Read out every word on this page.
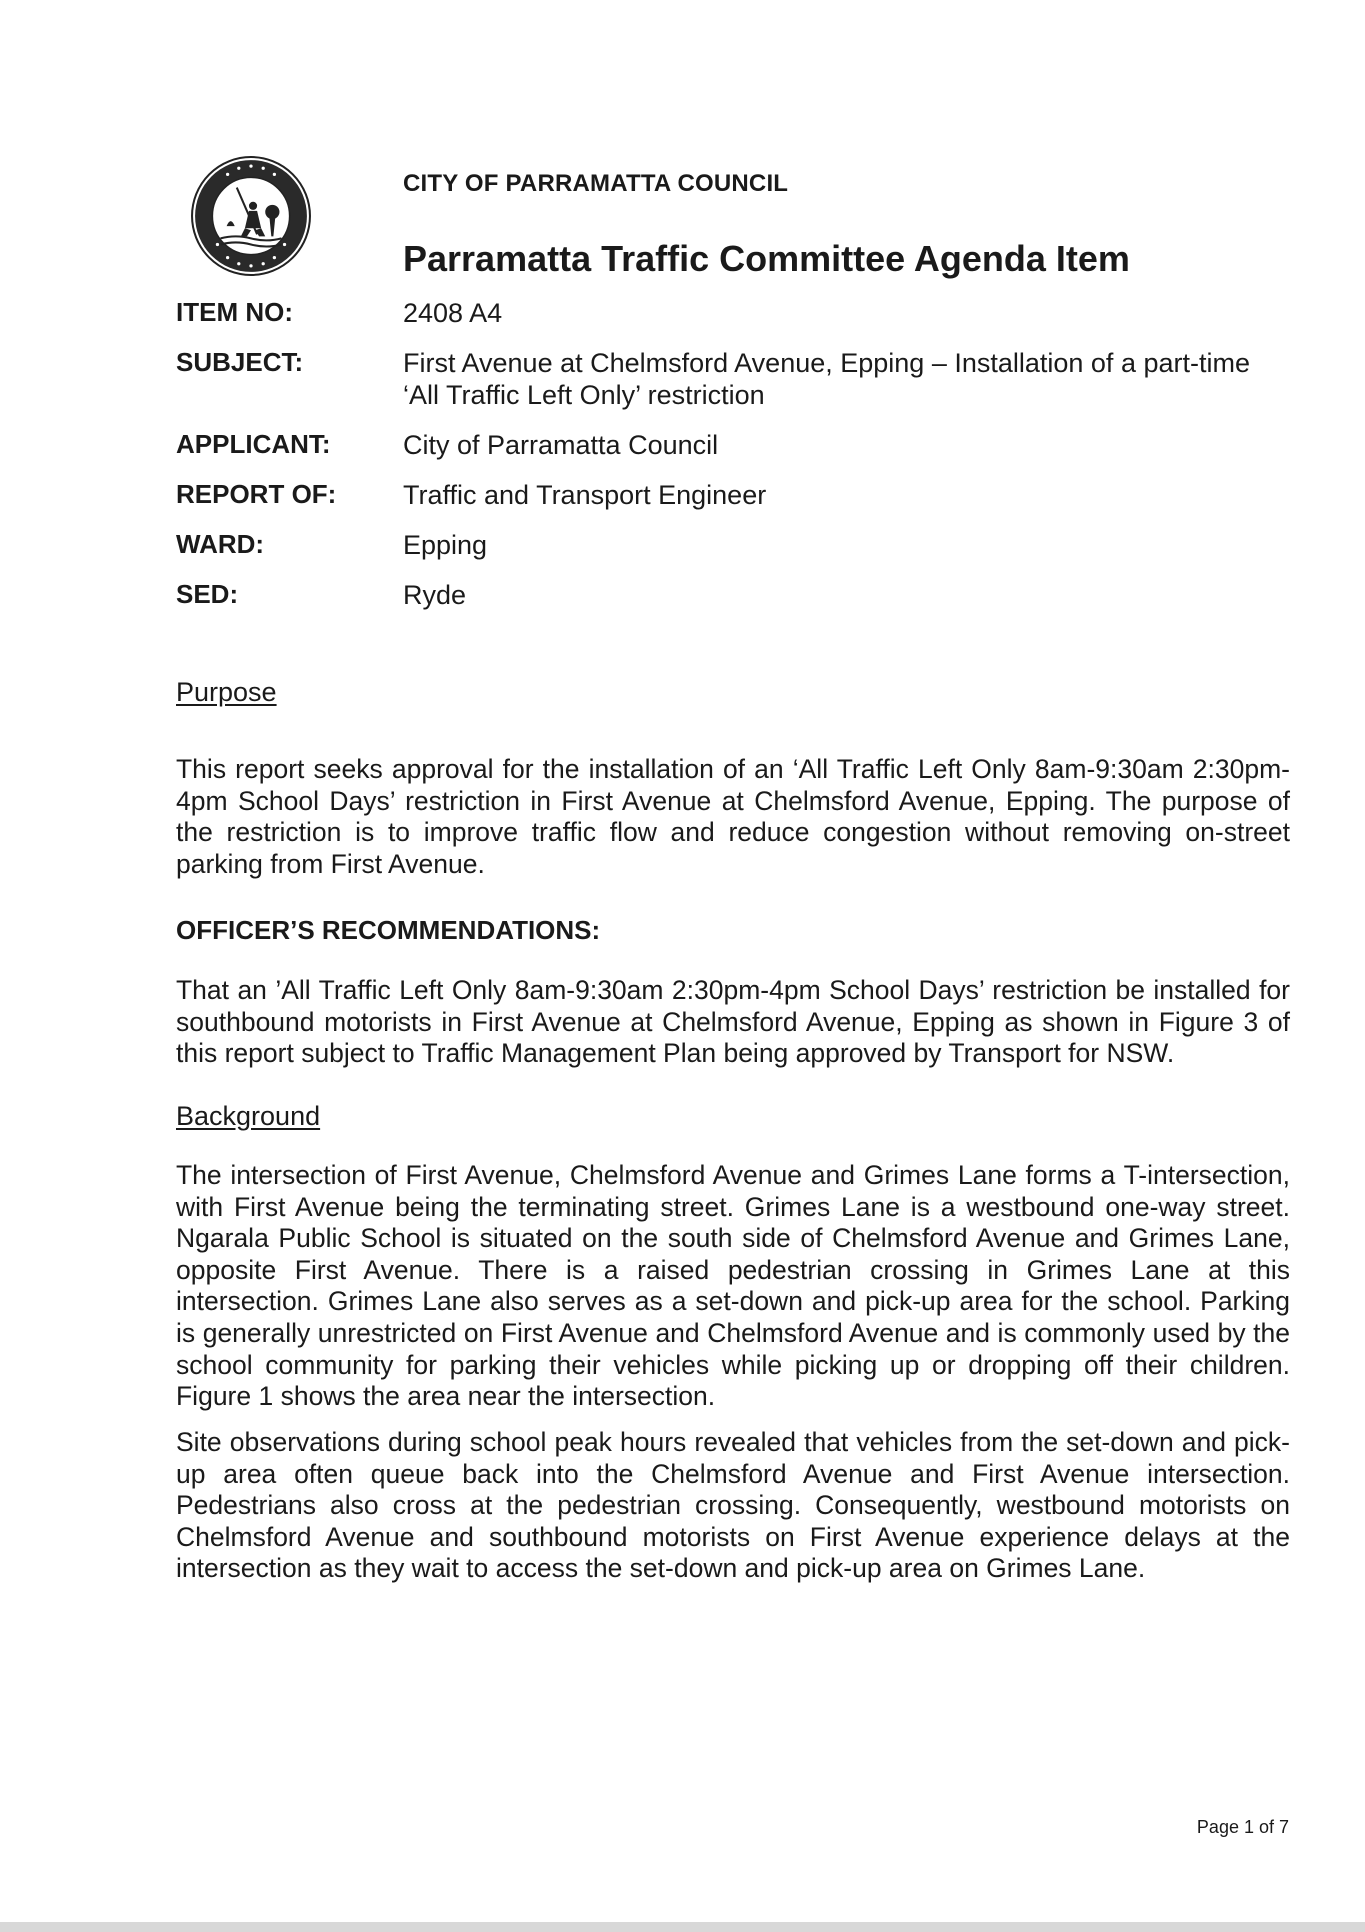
CITY OF PARRAMATTA COUNCIL
Parramatta Traffic Committee Agenda Item
ITEM NO:	2408 A4
SUBJECT:	First Avenue at Chelmsford Avenue, Epping – Installation of a part-time ‘All Traffic Left Only’ restriction
APPLICANT:	City of Parramatta Council
REPORT OF: Traffic and Transport Engineer
WARD:	Epping
SED:	Ryde
Purpose

This report seeks approval for the installation of an ‘All Traffic Left Only 8am-9:30am 2:30pm-4pm School Days’ restriction in First Avenue at Chelmsford Avenue, Epping. The purpose of the restriction is to improve traffic flow and reduce congestion without removing on-street parking from First Avenue.

OFFICER’S RECOMMENDATIONS:

That an ’All Traffic Left Only 8am-9:30am 2:30pm-4pm School Days’ restriction be installed for southbound motorists in First Avenue at Chelmsford Avenue, Epping as shown in Figure 3 of this report subject to Traffic Management Plan being approved by Transport for NSW.

Background

The intersection of First Avenue, Chelmsford Avenue and Grimes Lane forms a T-intersection, with First Avenue being the terminating street. Grimes Lane is a westbound one-way street. Ngarala Public School is situated on the south side of Chelmsford Avenue and Grimes Lane, opposite First Avenue. There is a raised pedestrian crossing in Grimes Lane at this intersection. Grimes Lane also serves as a set-down and pick-up area for the school. Parking is generally unrestricted on First Avenue and Chelmsford Avenue and is commonly used by the school community for parking their vehicles while picking up or dropping off their children. Figure 1 shows the area near the intersection.

Site observations during school peak hours revealed that vehicles from the set-down and pick-up area often queue back into the Chelmsford Avenue and First Avenue intersection. Pedestrians also cross at the pedestrian crossing. Consequently, westbound motorists on Chelmsford Avenue and southbound motorists on First Avenue experience delays at the intersection as they wait to access the set-down and pick-up area on Grimes Lane.

Page 1 of 7
